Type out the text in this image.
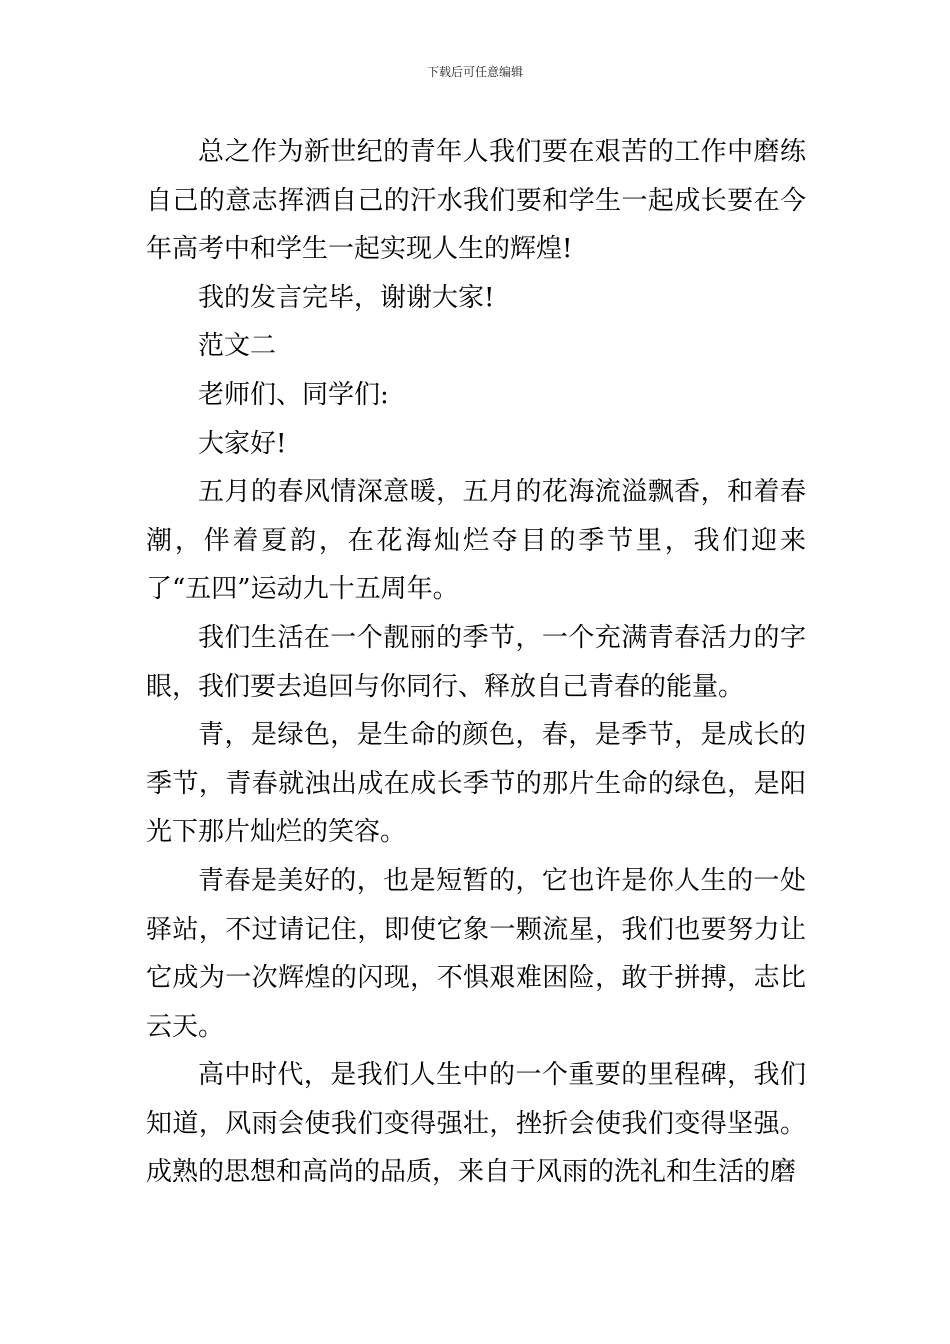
下载后可任意编辑

总之作为新世纪的青年人我们要在艰苦的工作中磨练自己的意志挥洒自己的汗水我们要和学生一起成长要在今年高考中和学生一起实现人生的辉煌!

我的发言完毕，谢谢大家!

范文二

老师们、同学们:

大家好!

五月的春风情深意暖，五月的花海流溢飘香，和着春潮，伴着夏韵，在花海灿烂夺目的季节里，我们迎来了“五四”运动九十五周年。

我们生活在一个靓丽的季节，一个充满青春活力的字眼，我们要去追回与你同行、释放自己青春的能量。

青，是绿色，是生命的颜色，春，是季节，是成长的季节，青春就浊出成在成长季节的那片生命的绿色，是阳光下那片灿烂的笑容。

青春是美好的，也是短暂的，它也许是你人生的一处驿站，不过请记住，即使它象一颗流星，我们也要努力让它成为一次辉煌的闪现，不惧艰难困险，敢于拼搏，志比云天。

高中时代，是我们人生中的一个重要的里程碑，我们知道，风雨会使我们变得强壮，挫折会使我们变得坚强。成熟的思想和高尚的品质，来自于风雨的洗礼和生活的磨
